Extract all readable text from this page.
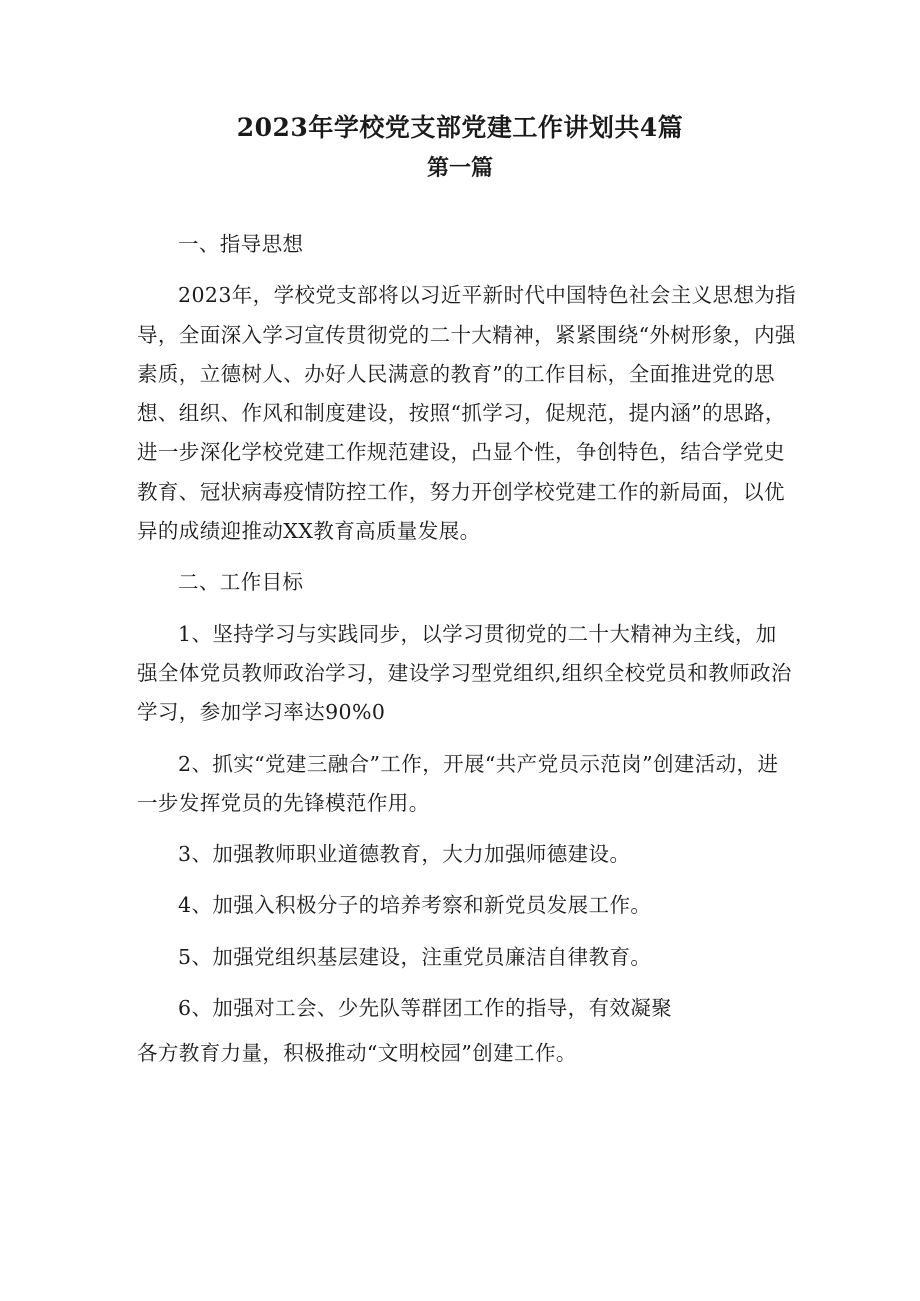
2023年学校党支部党建工作讲划共4篇
第一篇

一、指导思想

2023年，学校党支部将以习近平新时代中国特色社会主义思想为指导，全面深入学习宣传贯彻党的二十大精神，紧紧围绕“外树形象，内强素质，立德树人、办好人民满意的教育”的工作目标，全面推进党的思想、组织、作风和制度建设，按照“抓学习，促规范，提内涵”的思路，进一步深化学校党建工作规范建设，凸显个性，争创特色，结合学党史教育、冠状病毒疫情防控工作，努力开创学校党建工作的新局面，以优异的成绩迎推动XX教育高质量发展。

二、工作目标

1、坚持学习与实践同步，以学习贯彻党的二十大精神为主线，加强全体党员教师政治学习，建设学习型党组织,组织全校党员和教师政治学习，参加学习率达90%0

2、抓实“党建三融合”工作，开展“共产党员示范岗”创建活动，进一步发挥党员的先锋模范作用。

3、加强教师职业道德教育，大力加强师德建设。

4、加强入积极分子的培养考察和新党员发展工作。

5、加强党组织基层建设，注重党员廉洁自律教育。

6、加强对工会、少先队等群团工作的指导，有效凝聚

各方教育力量，积极推动“文明校园”创建工作。
